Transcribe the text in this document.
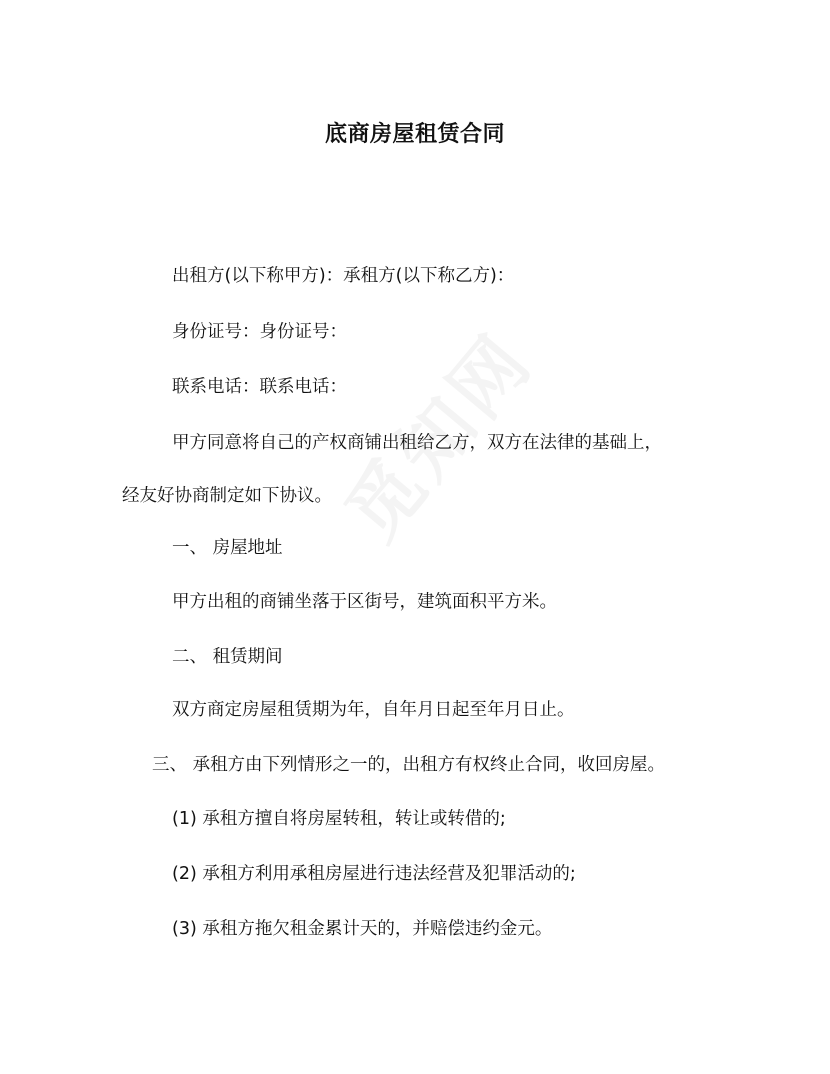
底商房屋租赁合同
出租方(以下称甲方)：承租方(以下称乙方)：
身份证号：身份证号：
联系电话：联系电话：
甲方同意将自己的产权商铺出租给乙方，双方在法律的基础上，
经友好协商制定如下协议。
一、 房屋地址
甲方出租的商铺坐落于区街号，建筑面积平方米。
二、 租赁期间
双方商定房屋租赁期为年，自年月日起至年月日止。
三、 承租方由下列情形之一的，出租方有权终止合同，收回房屋。
(1) 承租方擅自将房屋转租，转让或转借的;
(2) 承租方利用承租房屋进行违法经营及犯罪活动的;
(3) 承租方拖欠租金累计天的，并赔偿违约金元。
